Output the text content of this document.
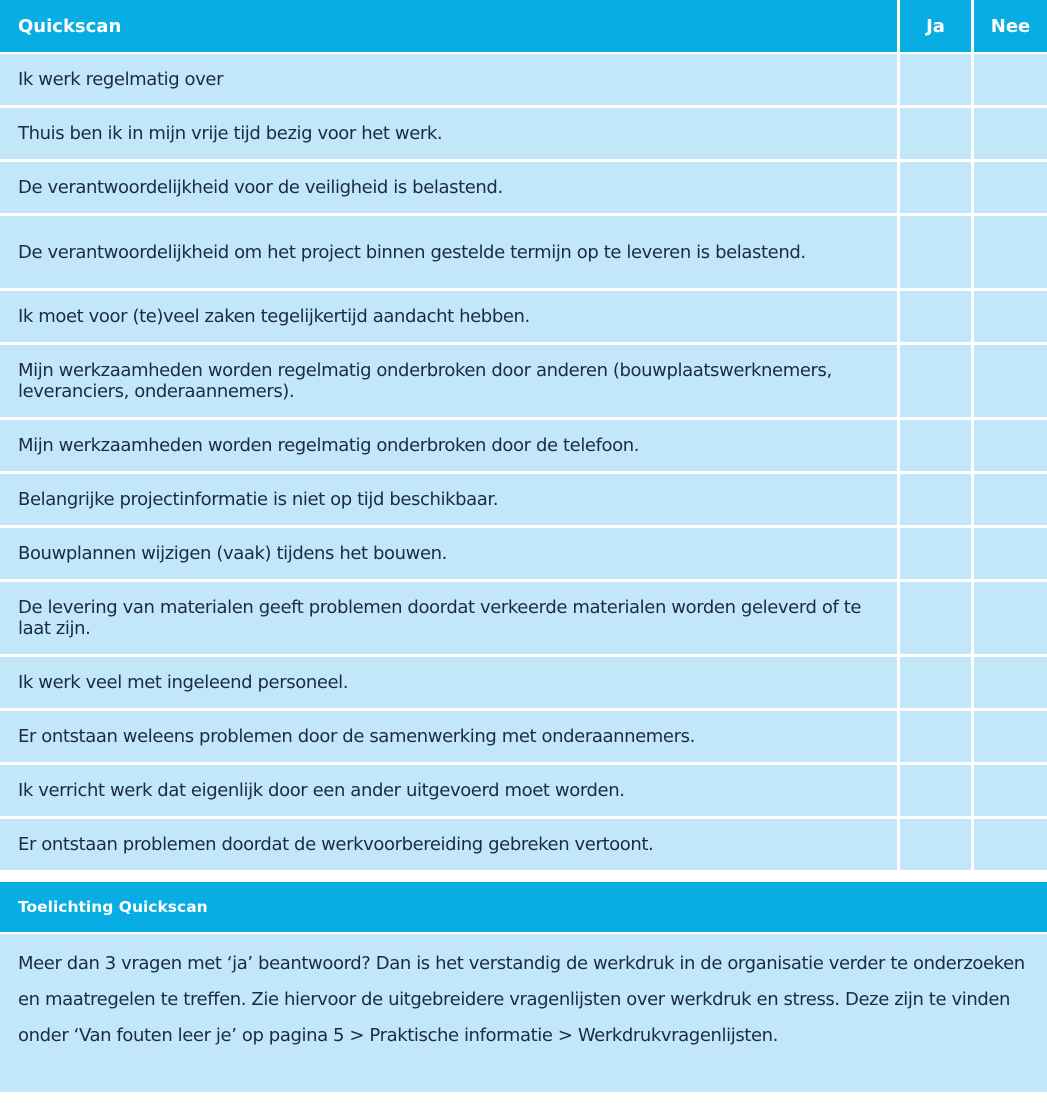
Quickscan	Ja	Nee
Ik werk regelmatig over
Thuis ben ik in mijn vrije tijd bezig voor het werk.
De verantwoordelijkheid voor de veiligheid is belastend.
De verantwoordelijkheid om het project binnen gestelde termijn op te leveren is belastend.
Ik moet voor (te)veel zaken tegelijkertijd aandacht hebben.
Mijn werkzaamheden worden regelmatig onderbroken door anderen (bouwplaatswerknemers, leveranciers, onderaannemers).
Mijn werkzaamheden worden regelmatig onderbroken door de telefoon.
Belangrijke projectinformatie is niet op tijd beschikbaar.
Bouwplannen wijzigen (vaak) tijdens het bouwen.
De levering van materialen geeft problemen doordat verkeerde materialen worden geleverd of te laat zijn.
Ik werk veel met ingeleend personeel.
Er ontstaan weleens problemen door de samenwerking met onderaannemers.
Ik verricht werk dat eigenlijk door een ander uitgevoerd moet worden.
Er ontstaan problemen doordat de werkvoorbereiding gebreken vertoont.
Toelichting Quickscan
Meer dan 3 vragen met ‘ja’ beantwoord? Dan is het verstandig de werkdruk in de organisatie verder te onderzoeken en maatregelen te treffen. Zie hiervoor de uitgebreidere vragenlijsten over werkdruk en stress. Deze zijn te vinden onder ‘Van fouten leer je’ op pagina 5 > Praktische informatie > Werkdrukvragenlijsten.
